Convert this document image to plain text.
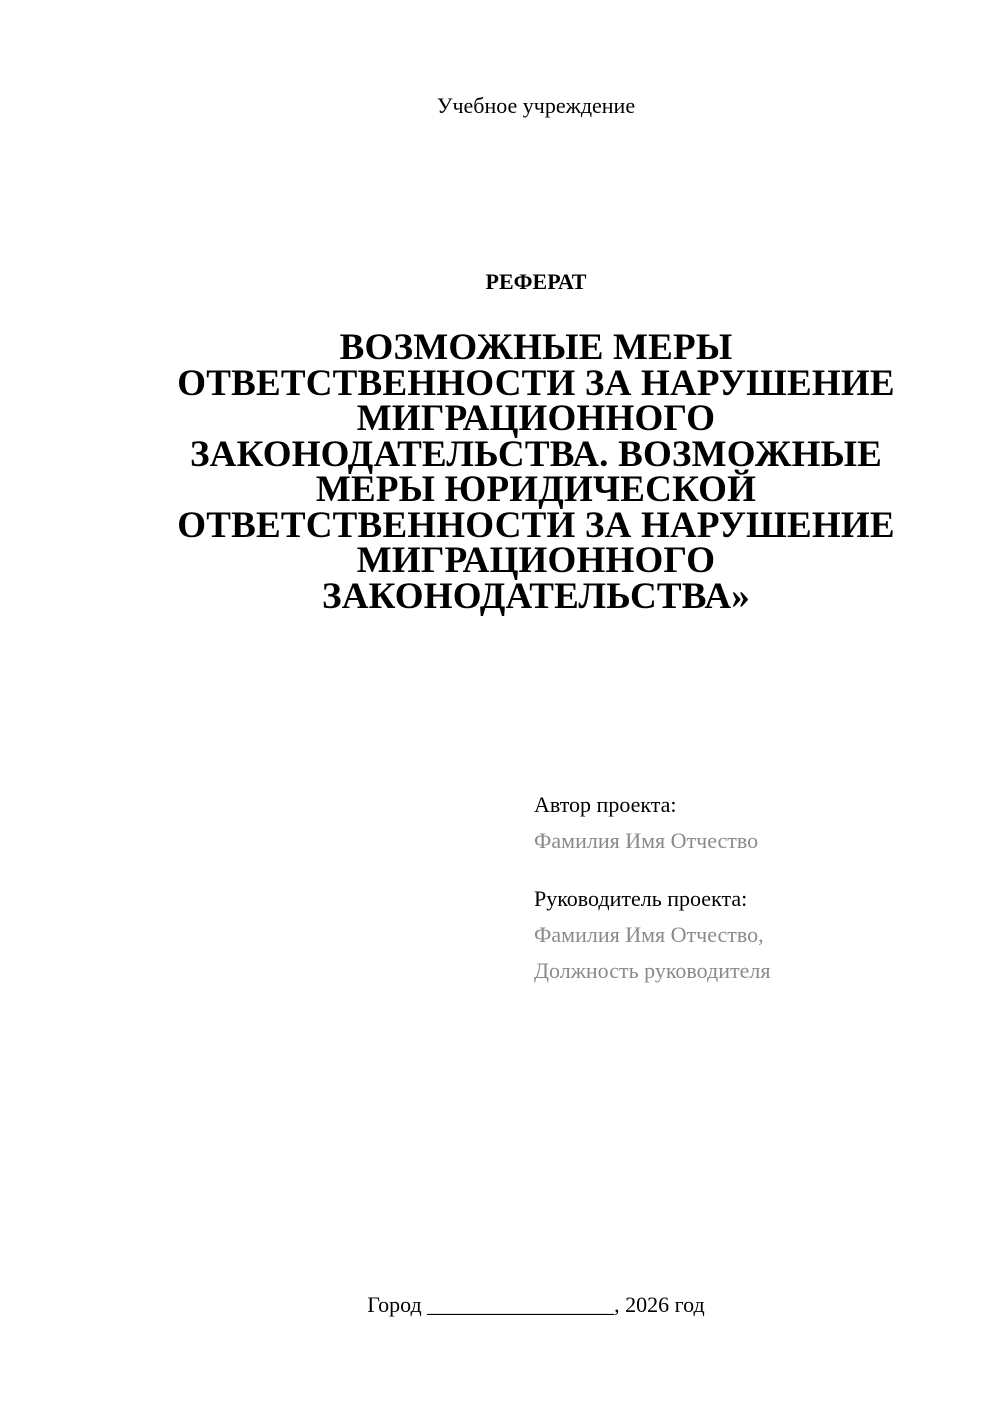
Учебное учреждение
РЕФЕРАТ
ВОЗМОЖНЫЕ МЕРЫ
ОТВЕТСТВЕННОСТИ ЗА НАРУШЕНИЕ
МИГРАЦИОННОГО
ЗАКОНОДАТЕЛЬСТВА. ВОЗМОЖНЫЕ
МЕРЫ ЮРИДИЧЕСКОЙ
ОТВЕТСТВЕННОСТИ ЗА НАРУШЕНИЕ
МИГРАЦИОННОГО
ЗАКОНОДАТЕЛЬСТВА»
Автор проекта:
Фамилия Имя Отчество
Руководитель проекта:
Фамилия Имя Отчество,
Должность руководителя
Город _________________, 2026 год
